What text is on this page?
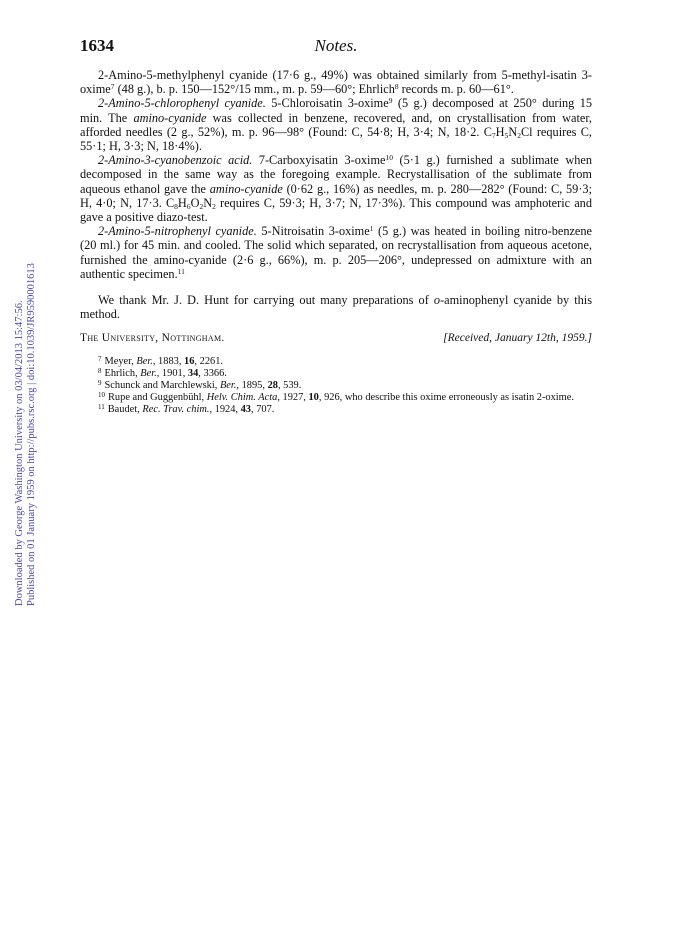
Downloaded by George Washington University on 03/04/2013 15:47:56. Published on 01 January 1959 on http://pubs.rsc.org | doi:10.1039/JR9590001613
Notes.
1634

2-Amino-5-methylphenyl cyanide (17·6 g., 49%) was obtained similarly from 5-methyl-isatin 3-oxime$^7$ (48 g.), b. p. 150—152°/15 mm., m. p. 59—60°; Ehrlich$^8$ records m. p. 60—61°.

2-Amino-5-chlorophenyl cyanide. 5-Chloroisatin 3-oxime$^9$ (5 g.) decomposed at 250° during 15 min. The amino-cyanide was collected in benzene, recovered, and, on crystallisation from water, afforded needles (2 g., 52%), m. p. 96—98° (Found: C, 54·8; H, 3·4; N, 18·2. $C_7H_5N_2Cl$ requires C, 55·1; H, 3·3; N, 18·4%).

2-Amino-3-cyanobenzoic acid. 7-Carboxyisatin 3-oxime$^{10}$ (5·1 g.) furnished a sublimate when decomposed in the same way as the foregoing example. Recrystallisation of the sublimate from aqueous ethanol gave the amino-cyanide (0·62 g., 16%) as needles, m. p. 280—282° (Found: C, 59·3; H, 4·0; N, 17·3. $C_8H_6O_2N_2$ requires C, 59·3; H, 3·7; N, 17·3%). This compound was amphoteric and gave a positive diazo-test.

2-Amino-5-nitrophenyl cyanide. 5-Nitroisatin 3-oxime$^1$ (5 g.) was heated in boiling nitro-benzene (20 ml.) for 45 min. and cooled. The solid which separated, on recrystallisation from aqueous acetone, furnished the amino-cyanide (2·6 g., 66%), m. p. 205—206°, undepressed on admixture with an authentic specimen.$^{11}$

We thank Mr. J. D. Hunt for carrying out many preparations of o-aminophenyl cyanide by this method.

The University, Nottingham.	[Received, January 12th, 1959.]
$^7$ Meyer, Ber., 1883, 16, 2261.
$^8$ Ehrlich, Ber., 1901, 34, 3366.
$^9$ Schunck and Marchlewski, Ber., 1895, 28, 539.
$^{10}$ Rupe and Guggenbühl, Helv. Chim. Acta, 1927, 10, 926, who describe this oxime erroneously as isatin 2-oxime.
$^{11}$ Baudet, Rec. Trav. chim., 1924, 43, 707.
